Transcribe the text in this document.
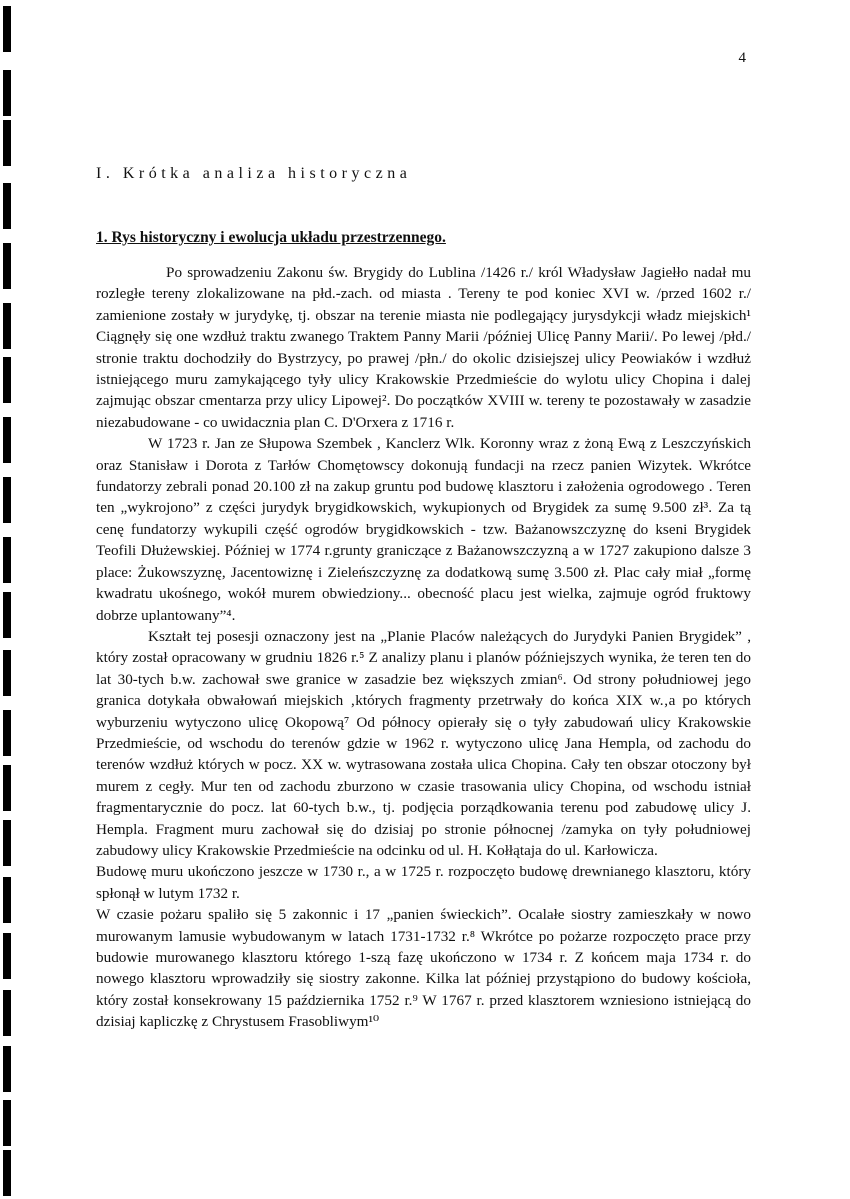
4
I. Krótka analiza historyczna
1. Rys historyczny i ewolucja układu przestrzennego.

Po sprowadzeniu Zakonu św. Brygidy do Lublina /1426 r./ król Władysław Jagiełło nadał mu rozległe tereny zlokalizowane na płd.-zach. od miasta . Tereny te pod koniec XVI w. /przed 1602 r./ zamienione zostały w jurydykę, tj. obszar na terenie miasta nie podlegający jurysdykcji władz miejskich¹ Ciągnęły się one wzdłuż traktu zwanego Traktem Panny Marii /później Ulicę Panny Marii/. Po lewej /płd./ stronie traktu dochodziły do Bystrzycy, po prawej /płn./ do okolic dzisiejszej ulicy Peowiaków i wzdłuż istniejącego muru zamykającego tyły ulicy Krakowskie Przedmieście do wylotu ulicy Chopina i dalej zajmując obszar cmentarza przy ulicy Lipowej². Do początków XVIII w. tereny te pozostawały w zasadzie niezabudowane - co uwidacznia plan C. D'Orxera z 1716 r.

W 1723 r. Jan ze Słupowa Szembek , Kanclerz Wlk. Koronny wraz z żoną Ewą z Leszczyńskich oraz Stanisław i Dorota z Tarłów Chomętowscy dokonują fundacji na rzecz panien Wizytek. Wkrótce fundatorzy zebrali ponad 20.100 zł na zakup gruntu pod budowę klasztoru i założenia ogrodowego . Teren ten „wykrojono” z części jurydyk brygidkowskich, wykupionych od Brygidek za sumę 9.500 zł³. Za tą cenę fundatorzy wykupili część ogrodów brygidkowskich - tzw. Bażanowszczyznę do kseni Brygidek Teofili Dłużewskiej. Później w 1774 r.grunty graniczące z Bażanowszczyzną a w 1727 zakupiono dalsze 3 place: Żukowszyznę, Jacentowiznę i Zieleńszczyznę za dodatkową sumę 3.500 zł. Plac cały miał „formę kwadratu ukośnego, wokół murem obwiedziony... obecność placu jest wielka, zajmuje ogród fruktowy dobrze uplantowany”⁴.

Kształt tej posesji oznaczony jest na „Planie Placów należących do Jurydyki Panien Brygidek” , który został opracowany w grudniu 1826 r.⁵ Z analizy planu i planów późniejszych wynika, że teren ten do lat 30-tych b.w. zachował swe granice w zasadzie bez większych zmian⁶. Od strony południowej jego granica dotykała obwałowań miejskich ‚których fragmenty przetrwały do końca XIX w.‚a po których wyburzeniu wytyczono ulicę Okopową⁷ Od północy opierały się o tyły zabudowań ulicy Krakowskie Przedmieście, od wschodu do terenów gdzie w 1962 r. wytyczono ulicę Jana Hempla, od zachodu do terenów wzdłuż których w pocz. XX w. wytrasowana została ulica Chopina. Cały ten obszar otoczony był murem z cegły. Mur ten od zachodu zburzono w czasie trasowania ulicy Chopina, od wschodu istniał fragmentarycznie do pocz. lat 60-tych b.w., tj. podjęcia porządkowania terenu pod zabudowę ulicy J. Hempla. Fragment muru zachował się do dzisiaj po stronie północnej /zamyka on tyły południowej zabudowy ulicy Krakowskie Przedmieście na odcinku od ul. H. Kołłątaja do ul. Karłowicza.

Budowę muru ukończono jeszcze w 1730 r., a w 1725 r. rozpoczęto budowę drewnianego klasztoru, który spłonął w lutym 1732 r.

W czasie pożaru spaliło się 5 zakonnic i 17 „panien świeckich”. Ocalałe siostry zamieszkały w nowo murowanym lamusie wybudowanym w latach 1731-1732 r.⁸ Wkrótce po pożarze rozpoczęto prace przy budowie murowanego klasztoru którego 1-szą fazę ukończono w 1734 r. Z końcem maja 1734 r. do nowego klasztoru wprowadziły się siostry zakonne. Kilka lat później przystąpiono do budowy kościoła, który został konsekrowany 15 października 1752 r.⁹ W 1767 r. przed klasztorem wzniesiono istniejącą do dzisiaj kapliczkę z Chrystusem Frasobliwym¹⁰
